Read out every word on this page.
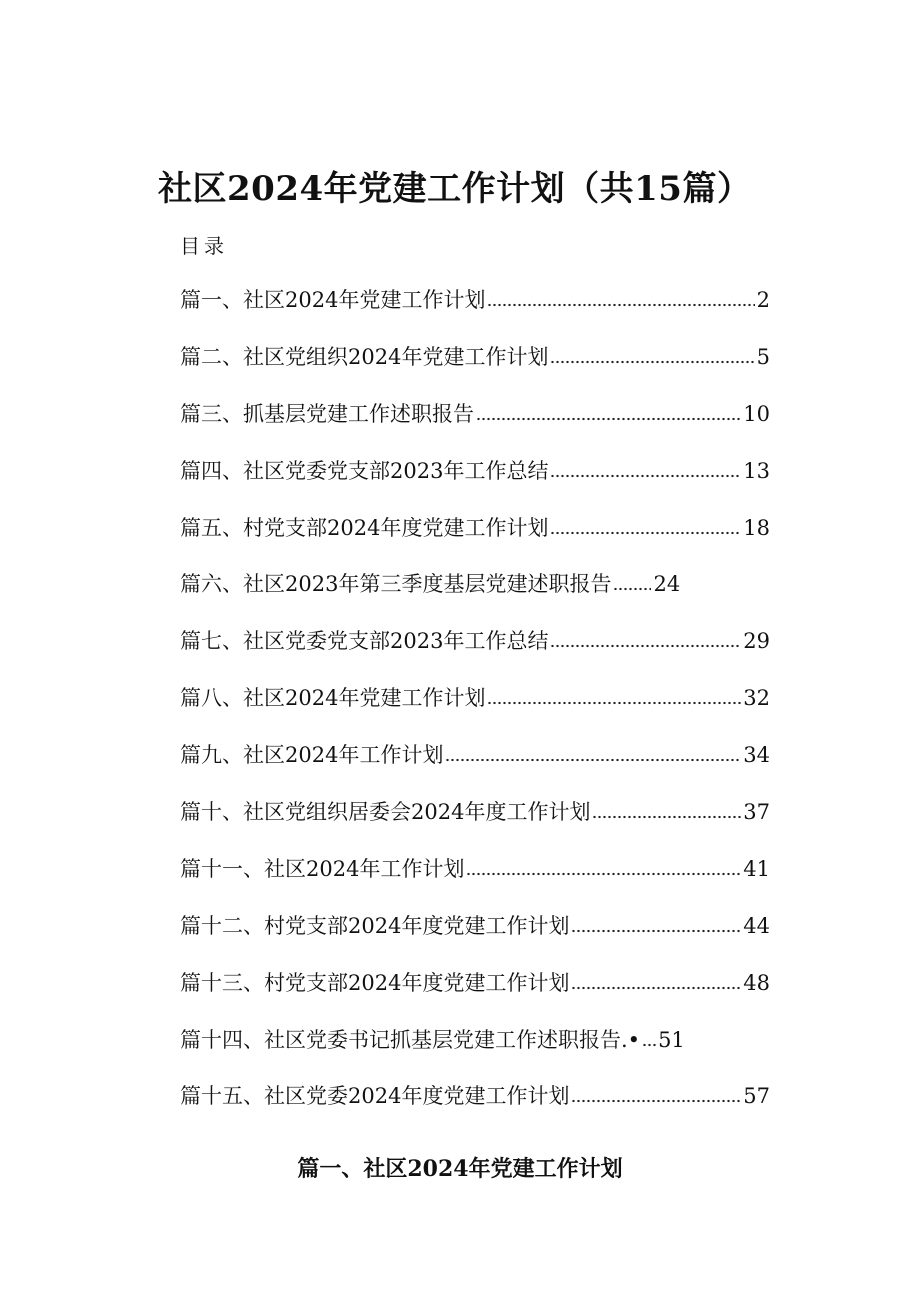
社区2024年党建工作计划（共15篇）
目录
篇一、社区2024年党建工作计划	2
篇二、社区党组织2024年党建工作计划	5
篇三、抓基层党建工作述职报告	10
篇四、社区党委党支部2023年工作总结	13
篇五、村党支部2024年度党建工作计划	18
篇六、社区2023年第三季度基层党建述职报告 24
篇七、社区党委党支部2023年工作总结	29
篇八、社区2024年党建工作计划	32
篇九、社区2024年工作计划	34
篇十、社区党组织居委会2024年度工作计划	37
篇十一、社区2024年工作计划	41
篇十二、村党支部2024年度党建工作计划	44
篇十三、村党支部2024年度党建工作计划	48
篇十四、社区党委书记抓基层党建工作述职报告.• 51
篇十五、社区党委2024年度党建工作计划	57
篇一、社区2024年党建工作计划
